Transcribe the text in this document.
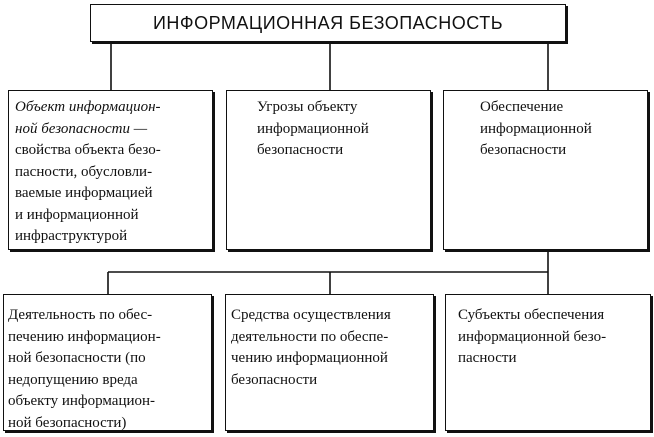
ИНФОРМАЦИОННАЯ БЕЗОПАСНОСТЬ
Объект информацион-
ной безопасности —
свойства объекта безо-
пасности, обусловли-
ваемые информацией
и информационной
инфраструктурой
Угрозы объекту
информационной
безопасности
Обеспечение
информационной
безопасности
Деятельность по обес-
печению информацион-
ной безопасности (по
недопущению вреда
объекту информацион-
ной безопасности)
Средства осуществления
деятельности по обеспе-
чению информационной
безопасности
Субъекты обеспечения
информационной безо-
пасности
